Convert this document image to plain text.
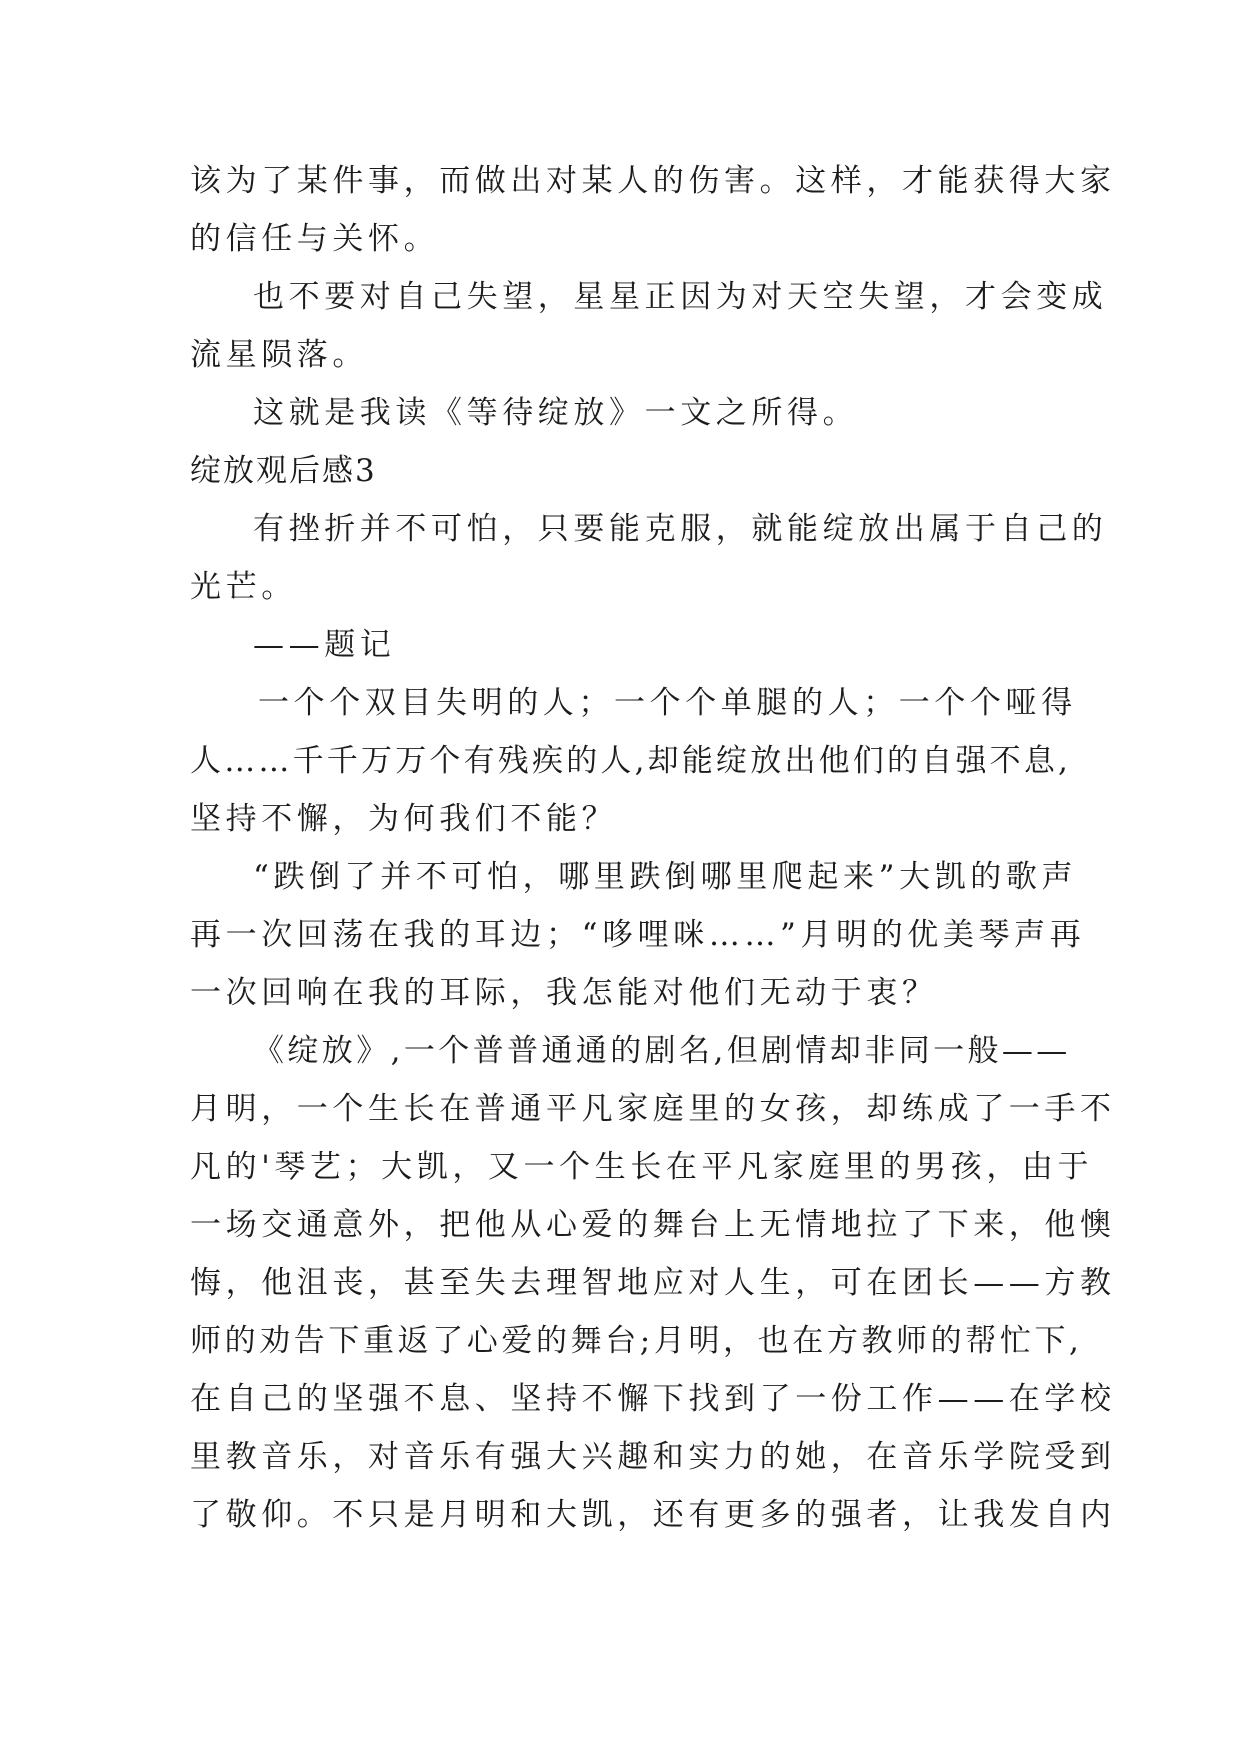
该为了某件事，而做出对某人的伤害。这样，才能获得大家
的信任与关怀。
也不要对自己失望，星星正因为对天空失望，才会变成
流星陨落。
这就是我读《等待绽放》一文之所得。
绽放观后感3
有挫折并不可怕，只要能克服，就能绽放出属于自己的
光芒。
——题记
一个个双目失明的人；一个个单腿的人；一个个哑得
人……千千万万个有残疾的人,却能绽放出他们的自强不息,
坚持不懈，为何我们不能？
“跌倒了并不可怕，哪里跌倒哪里爬起来”大凯的歌声
再一次回荡在我的耳边；“哆哩咪……”月明的优美琴声再
一次回响在我的耳际，我怎能对他们无动于衷？
《绽放》,一个普普通通的剧名,但剧情却非同一般——
月明，一个生长在普通平凡家庭里的女孩，却练成了一手不
凡的'琴艺；大凯，又一个生长在平凡家庭里的男孩，由于
一场交通意外，把他从心爱的舞台上无情地拉了下来，他懊
悔，他沮丧，甚至失去理智地应对人生，可在团长——方教
师的劝告下重返了心爱的舞台;月明，也在方教师的帮忙下,
在自己的坚强不息、坚持不懈下找到了一份工作——在学校
里教音乐，对音乐有强大兴趣和实力的她，在音乐学院受到
了敬仰。不只是月明和大凯，还有更多的强者，让我发自内
